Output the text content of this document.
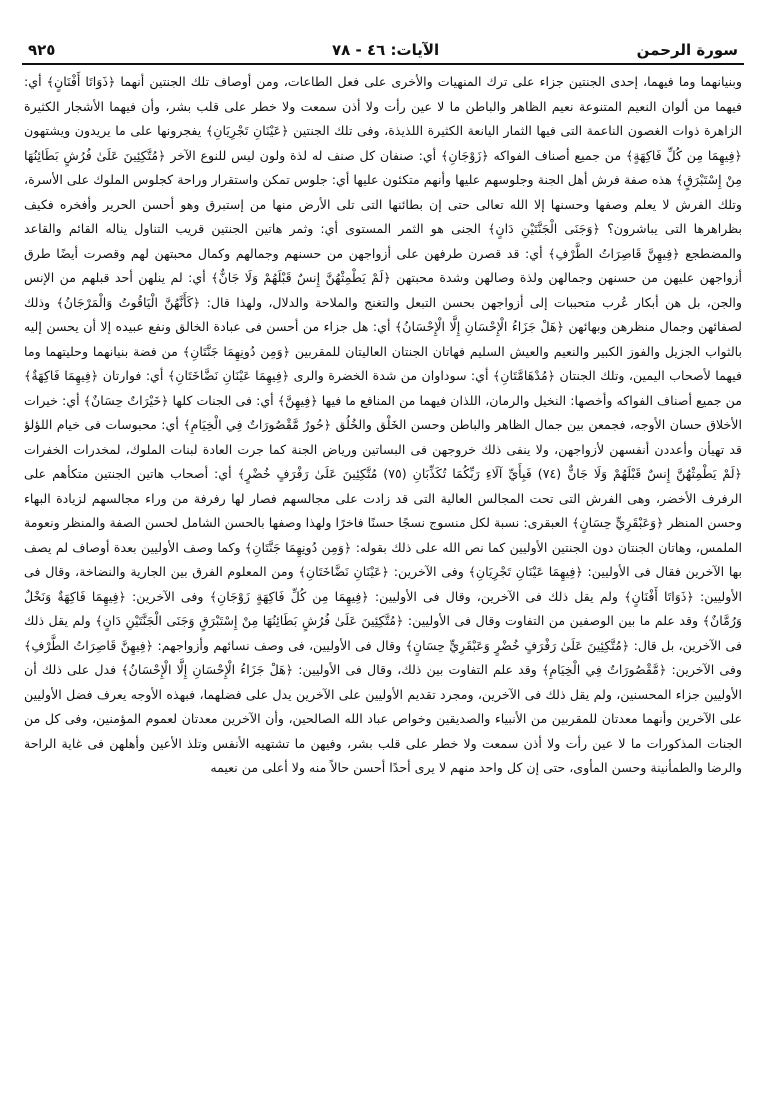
سورة الرحمن
الآيات: ٤٦ - ٧٨
٩٢٥

وبنيانهما وما فيهما، إحدى الجنتين جزاء على ترك المنهيات والأخرى على فعل الطاعات، ومن أوصاف تلك الجنتين أنهما ﴿ذَوَاتَا أَفْنَانٍ﴾ أي: فيهما من ألوان النعيم المتنوعة نعيم الظاهر والباطن ما لا عين رأت ولا أذن سمعت ولا خطر على قلب بشر، وأن فيهما الأشجار الكثيرة الزاهرة ذوات الغصون الناعمة التى فيها الثمار اليانعة الكثيرة اللذيذة، وفى تلك الجنتين ﴿عَيْنَانِ تَجْرِيَانِ﴾ يفجرونها على ما يريدون ويشتهون ﴿فِيهِمَا مِن كُلِّ فَاكِهَةٍ﴾ من جميع أصناف الفواكه ﴿زَوْجَانِ﴾ أي: صنفان كل صنف له لذة ولون ليس للنوع الآخر ﴿مُتَّكِئِينَ عَلَىٰ فُرُشٍ بَطَائِنُهَا مِنْ إِسْتَبْرَقٍ﴾ هذه صفة فرش أهل الجنة وجلوسهم عليها وأنهم متكئون عليها أي: جلوس تمكن واستقرار وراحة كجلوس الملوك على الأسرة، وتلك الفرش لا يعلم وصفها وحسنها إلا الله تعالى حتى إن بطائنها التى تلى الأرض منها من إستبرق وهو أحسن الحرير وأفخره فكيف بظراهرها التى يباشرون؟ ﴿وَجَنَى الْجَنَّتَيْنِ دَانٍ﴾ الجنى هو الثمر المستوى أي: وثمر هاتين الجنتين قريب التناول يناله القائم والقاعد والمضطجع ﴿فِيهِنَّ قَاصِرَاتُ الطَّرْفِ﴾ أي: قد قصرن طرفهن على أزواجهن من حسنهم وجمالهم وكمال محبتهن لهم وقصرت أيضًا طرق أزواجهن عليهن من حسنهن وجمالهن ولذة وصالهن وشدة محبتهن ﴿لَمْ يَطْمِثْهُنَّ إِنسٌ قَبْلَهُمْ وَلَا جَانٌّ﴾ أي: لم ينلهن أحد قبلهم من الإنس والجن، بل هن أبكار عُرب متحببات إلى أزواجهن بحسن التبعل والتغنج والملاحة والدلال، ولهذا قال: ﴿كَأَنَّهُنَّ الْيَاقُوتُ وَالْمَرْجَانُ﴾ وذلك لصفائهن وجمال منظرهن وبهائهن ﴿هَلْ جَزَاءُ الْإِحْسَانِ إِلَّا الْإِحْسَانُ﴾ أي: هل جزاء من أحسن فى عبادة الخالق ونفع عبيده إلا أن يحسن إليه بالثواب الجزيل والفوز الكبير والنعيم والعيش السليم فهاتان الجنتان العاليتان للمقربين ﴿وَمِن دُونِهِمَا جَنَّتَانِ﴾ من فضة بنيانهما وحليتهما وما فيهما لأصحاب اليمين، وتلك الجنتان ﴿مُدْهَامَّتَانِ﴾ أي: سوداوان من شدة الخضرة والرى ﴿فِيهِمَا عَيْنَانِ نَضَّاخَتَانِ﴾ أي: فوارتان ﴿فِيهِمَا فَاكِهَةٌ﴾ من جميع أصناف الفواكه وأخصها: النخيل والرمان، اللذان فيهما من المنافع ما فيها ﴿فِيهِنَّ﴾ أي: فى الجنات كلها ﴿خَيْرَاتٌ حِسَانٌ﴾ أي: خيرات الأخلاق حسان الأوجه، فجمعن بين جمال الظاهر والباطن وحسن الخَلْق والخُلُق ﴿حُورٌ مَّقْصُورَاتٌ فِي الْخِيَامِ﴾ أي: محبوسات فى خيام اللؤلؤ قد تهيأن وأعددن أنفسهن لأزواجهن، ولا ينفى ذلك خروجهن فى البساتين ورياض الجنة كما جرت العادة لبنات الملوك، لمخدرات الخفرات ﴿لَمْ يَطْمِثْهُنَّ إِنسٌ قَبْلَهُمْ وَلَا جَانٌّ (٧٤) فَبِأَيِّ آلَاءِ رَبِّكُمَا تُكَذِّبَانِ (٧٥) مُتَّكِئِينَ عَلَىٰ رَفْرَفٍ خُضْرٍ﴾ أي: أصحاب هاتين الجنتين متكأهم على الرفرف الأخضر، وهى الفرش التى تحت المجالس العالية التى قد زادت على مجالسهم فصار لها رفرفة من وراء مجالسهم لزيادة البهاء وحسن المنظر ﴿وَعَبْقَرِيٍّ حِسَانٍ﴾ العبقرى: نسبة لكل منسوج نسجًا حسنًا فاخرًا ولهذا وصفها بالحسن الشامل لحسن الصفة والمنظر ونعومة الملمس، وهاتان الجنتان دون الجنتين الأوليين كما نص الله على ذلك بقوله: ﴿وَمِن دُونِهِمَا جَنَّتَانِ﴾ وكما وصف الأوليين بعدة أوصاف لم يصف بها الآخرين فقال فى الأوليين: ﴿فِيهِمَا عَيْنَانِ تَجْرِيَانِ﴾ وفى الآخرين: ﴿عَيْنَانِ نَضَّاخَتَانِ﴾ ومن المعلوم الفرق بين الجارية والنضاخة، وقال فى الأوليين: ﴿ذَوَاتَا أَفْنَانٍ﴾ ولم يقل ذلك فى الآخرين، وقال فى الأوليين: ﴿فِيهِمَا مِن كُلِّ فَاكِهَةٍ زَوْجَانِ﴾ وفى الآخرين: ﴿فِيهِمَا فَاكِهَةٌ وَنَخْلٌ وَرُمَّانٌ﴾ وقد علم ما بين الوصفين من التفاوت وقال فى الأوليين: ﴿مُتَّكِئِينَ عَلَىٰ فُرُشٍ بَطَائِنُهَا مِنْ إِسْتَبْرَقٍ وَجَنَى الْجَنَّتَيْنِ دَانٍ﴾ ولم يقل ذلك فى الآخرين، بل قال: ﴿مُتَّكِئِينَ عَلَىٰ رَفْرَفٍ خُضْرٍ وَعَبْقَرِيٍّ حِسَانٍ﴾ وقال فى الأوليين، فى وصف نسائهم وأزواجهم: ﴿فِيهِنَّ قَاصِرَاتُ الطَّرْفِ﴾ وفى الآخرين: ﴿مَّقْصُورَاتٌ فِي الْخِيَامِ﴾ وقد علم التفاوت بين ذلك، وقال فى الأوليين: ﴿هَلْ جَزَاءُ الْإِحْسَانِ إِلَّا الْإِحْسَانُ﴾ فدل على ذلك أن الأوليين جزاء المحسنين، ولم يقل ذلك فى الآخرين، ومجرد تقديم الأوليين على الآخرين يدل على فضلهما، فبهذه الأوجه يعرف فضل الأوليين على الآخرين وأنهما معدتان للمقربين من الأنبياء والصديقين وخواص عباد الله الصالحين، وأن الآخرين معدتان لعموم المؤمنين، وفى كل من الجنات المذكورات ما لا عين رأت ولا أذن سمعت ولا خطر على قلب بشر، وفيهن ما تشتهيه الأنفس وتلذ الأعين وأهلهن فى غاية الراحة والرضا والطمأنينة وحسن المأوى، حتى إن كل واحد منهم لا يرى أحدًا أحسن حالاً منه ولا أعلى من نعيمه
